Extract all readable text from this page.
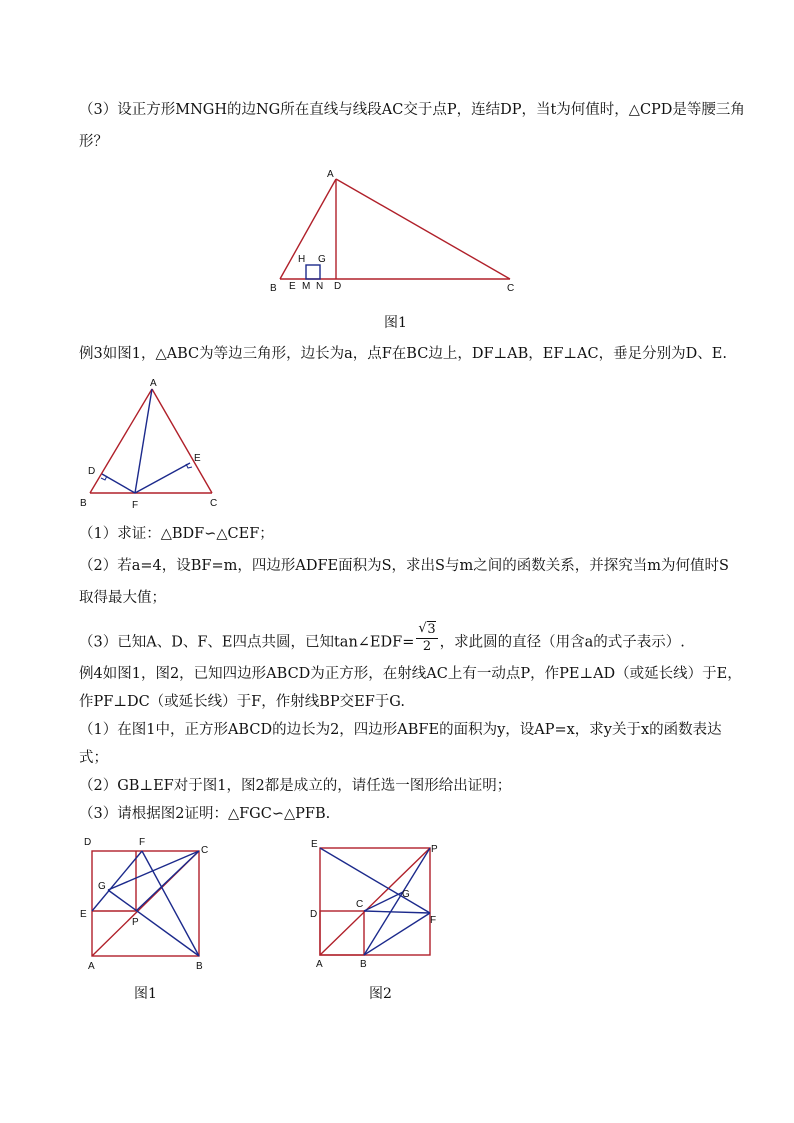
（3）设正方形MNGH的边NG所在直线与线段AC交于点P，连结DP，当t为何值时，△CPD是等腰三角
形？
A
B E M N D	C
H G
图1
例3如图1，△ABC为等边三角形，边长为a，点F在BC边上，DF⊥AB，EF⊥AC，垂足分别为D、E.
A
B	C
D
E
F
（1）求证：△BDF∽△CEF；
（2）若a=4，设BF=m，四边形ADFE面积为S，求出S与m之间的函数关系，并探究当m为何值时S
取得最大值；
（3）已知A、D、F、E四点共圆，已知tan∠EDF=
√ $\frac{3}{2}$ ，求此圆的直径（用含a的式子表示）.
例4如图1，图2，已知四边形ABCD为正方形，在射线AC上有一动点P，作PE⊥AD（或延长线）于E，
作PF⊥DC（或延长线）于F，作射线BP交EF于G.
（1）在图1中，正方形ABCD的边长为2，四边形ABFE的面积为y，设AP=x，求y关于x的函数表达
式；
（2）GB⊥EF对于图1，图2都是成立的，请任选一图形给出证明；
（3）请根据图2证明：△FGC∽△PFB.
D	F
C
G
E
P
A	B
图1
E	P
G
C
D
F
A	B
图2
